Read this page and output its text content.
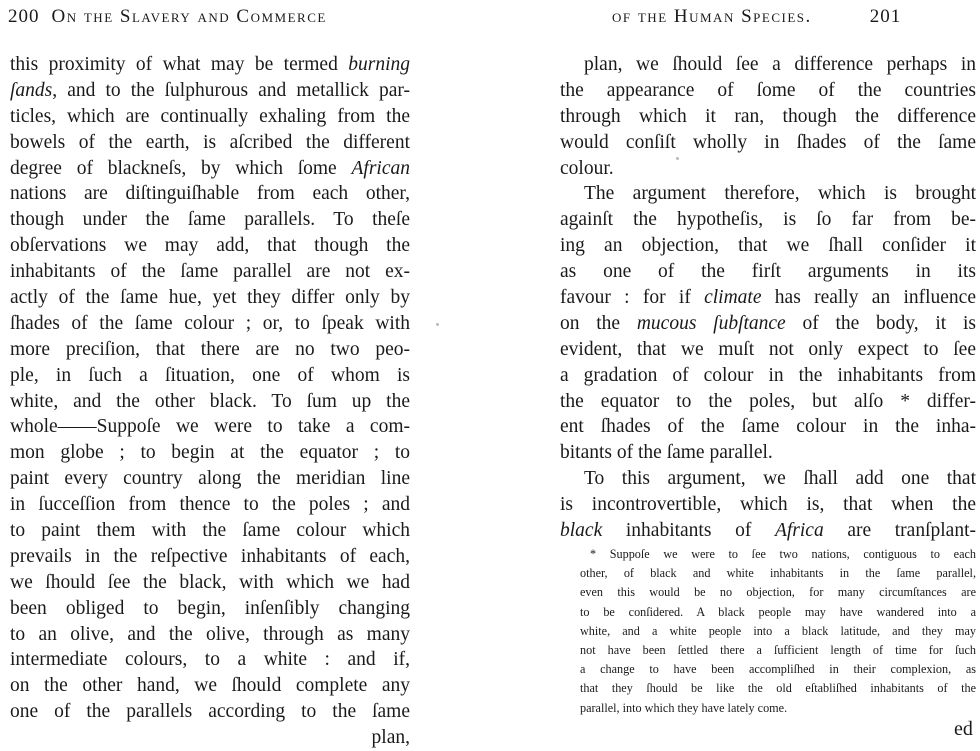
200 On the Slavery and Commerce
this proximity of what may be termed burning
ſands, and to the ſulphurous and metallick par-
ticles, which are continually exhaling from the
bowels of the earth, is aſcribed the different
degree of blackneſs, by which ſome African
nations are diſtinguiſhable from each other,
though under the ſame parallels. To theſe
obſervations we may add, that though the
inhabitants of the ſame parallel are not ex-
actly of the ſame hue, yet they differ only by
ſhades of the ſame colour ; or, to ſpeak with
more preciſion, that there are no two peo-
ple, in ſuch a ſituation, one of whom is
white, and the other black. To ſum up the
whole——Suppoſe we were to take a com-
mon globe ; to begin at the equator ; to
paint every country along the meridian line
in ſucceſſion from thence to the poles ; and
to paint them with the ſame colour which
prevails in the reſpective inhabitants of each,
we ſhould ſee the black, with which we had
been obliged to begin, inſenſibly changing
to an olive, and the olive, through as many
intermediate colours, to a white : and if,
on the other hand, we ſhould complete any
one of the parallels according to the ſame
plan,
of the Human Species.	201
plan, we ſhould ſee a difference perhaps in
the appearance of ſome of the countries
through which it ran, though the difference
would conſiſt wholly in ſhades of the ſame
colour.
The argument therefore, which is brought
againſt the hypotheſis, is ſo far from be-
ing an objection, that we ſhall conſider it
as one of the firſt arguments in its
favour : for if climate has really an influence
on the mucous ſubſtance of the body, it is
evident, that we muſt not only expect to ſee
a gradation of colour in the inhabitants from
the equator to the poles, but alſo * differ-
ent ſhades of the ſame colour in the inha-
bitants of the ſame parallel.
To this argument, we ſhall add one that
is incontrovertible, which is, that when the
black inhabitants of Africa are tranſplant-
* Suppoſe we were to ſee two nations, contiguous to each
other, of black and white inhabitants in the ſame parallel,
even this would be no objection, for many circumſtances are
to be conſidered. A black people may have wandered into a
white, and a white people into a black latitude, and they may
not have been ſettled there a ſufficient length of time for ſuch
a change to have been accompliſhed in their complexion, as
that they ſhould be like the old eſtabliſhed inhabitants of the
parallel, into which they have lately come.
ed
